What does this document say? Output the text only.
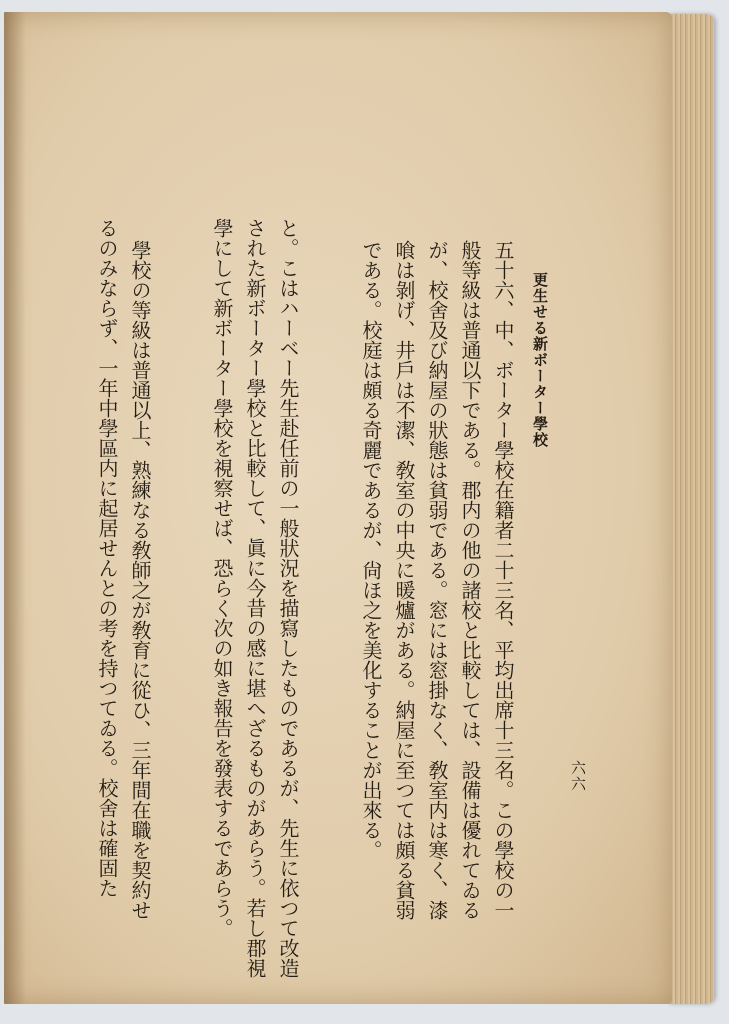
更生せる新ボーター學校

六六

五十六、中、ボーター學校在籍者二十三名、平均出席十三名。この學校の一

般等級は普通以下である。郡内の他の諸校と比較しては、設備は優れてゐる

が、校舍及び納屋の狀態は貧弱である。窓には窓掛なく、敎室内は寒く、漆

喰は剝げ、井戶は不潔、敎室の中央に暖爐がある。納屋に至つては頗る貧弱

である。校庭は頗る奇麗であるが、尙ほ之を美化することが出來る。

と。こはハーベー先生赴任前の一般狀況を描寫したものであるが、先生に依つて改造

された新ボーター學校と比較して、眞に今昔の感に堪へざるものがあらう。若し郡視

學にして新ボーター學校を視察せば、恐らく次の如き報告を發表するであらう。

學校の等級は普通以上、熟練なる敎師之が敎育に從ひ、三年間在職を契約せ

るのみならず、一年中學區内に起居せんとの考を持つてゐる。校舍は確固た
